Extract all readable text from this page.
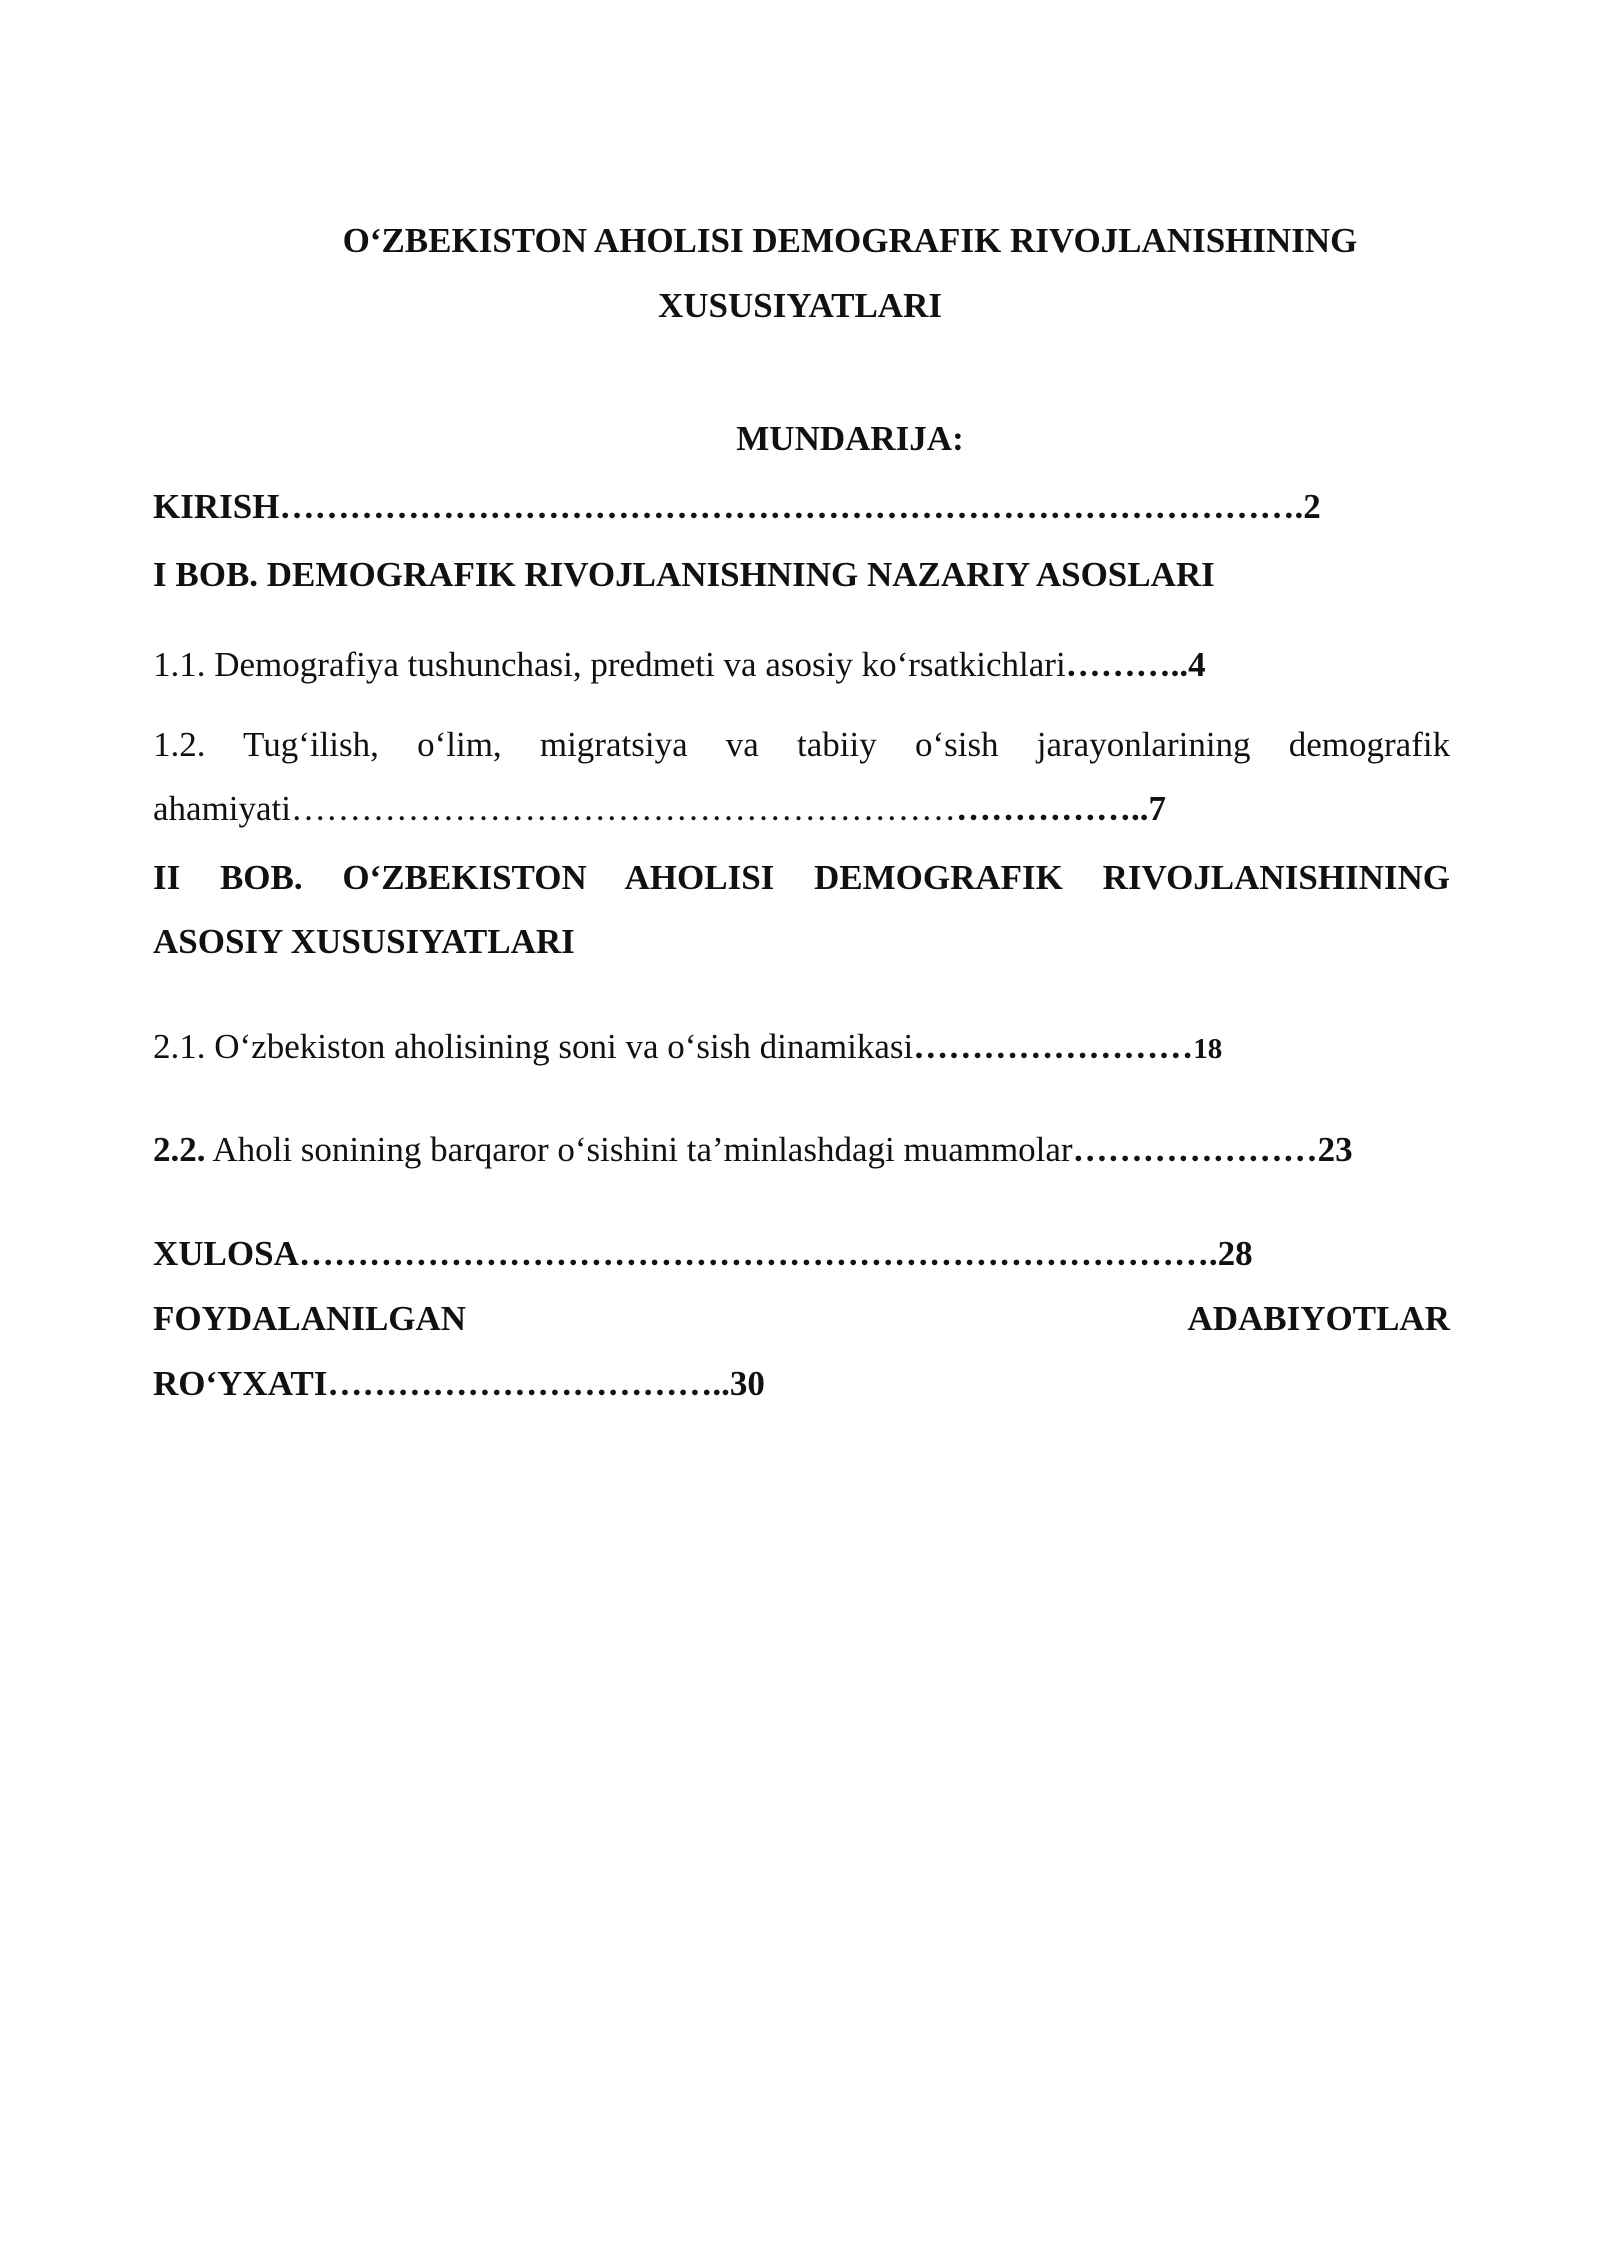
O‘ZBEKISTON AHOLISI DEMOGRAFIK RIVOJLANISHINING
XUSUSIYATLARI
MUNDARIJA:
KIRISH…………………………………………………………………………….2
I BOB. DEMOGRAFIK RIVOJLANISHNING NAZARIY ASOSLARI
1.1. Demografiya tushunchasi, predmeti va asosiy ko‘rsatkichlari………..4
1.2. Tug‘ilish, o‘lim, migratsiya va tabiiy o‘sish jarayonlarining demografik
ahamiyati………………………………………………………………..7
II BOB. O‘ZBEKISTON AHOLISI DEMOGRAFIK RIVOJLANISHINING
ASOSIY XUSUSIYATLARI
2.1. O‘zbekiston aholisining soni va o‘sish dinamikasi……………………18
2.2. Aholi sonining barqaror o‘sishini ta’minlashdagi muammolar…………………23
XULOSA…………………………………………………………………….28
FOYDALANILGAN	ADABIYOTLAR
RO‘YXATI……………………………..30
